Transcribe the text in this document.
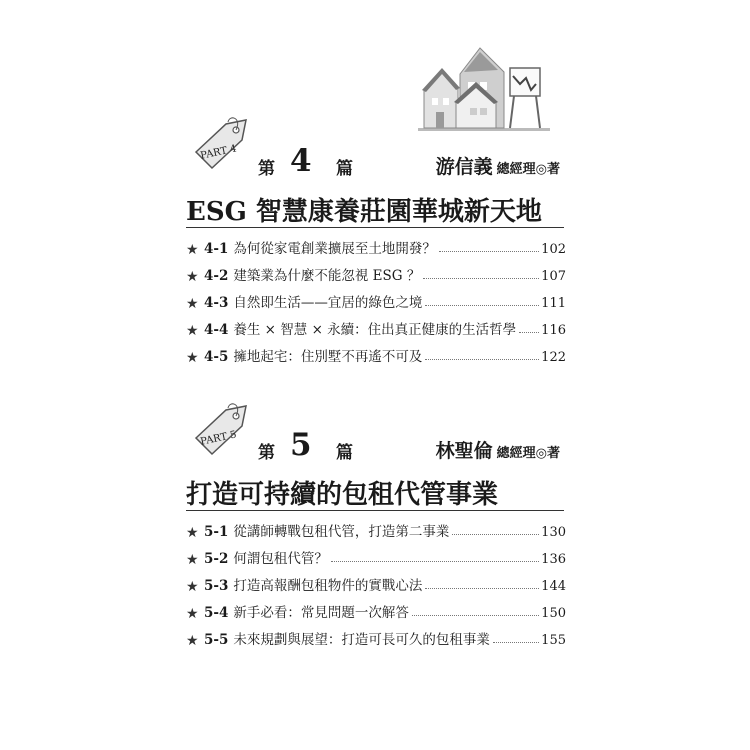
PART 4
第 4 篇	游信義 總經理◎著
ESG 智慧康養莊園華城新天地
★ 4-1 為何從家電創業擴展至土地開發？	102
★ 4-2 建築業為什麼不能忽視 ESG ？	107
★ 4-3 自然即生活——宜居的綠色之境	111
★ 4-4 養生 × 智慧 × 永續：住出真正健康的生活哲學 116
★ 4-5 擁地起宅：住別墅不再遙不可及	122
PART 5
第 5 篇	林聖倫 總經理◎著
打造可持續的包租代管事業
★ 5-1 從講師轉戰包租代管，打造第二事業	130
★ 5-2 何謂包租代管？	136
★ 5-3 打造高報酬包租物件的實戰心法	144
★ 5-4 新手必看：常見問題一次解答	150
★ 5-5 未來規劃與展望：打造可長可久的包租事業	155
